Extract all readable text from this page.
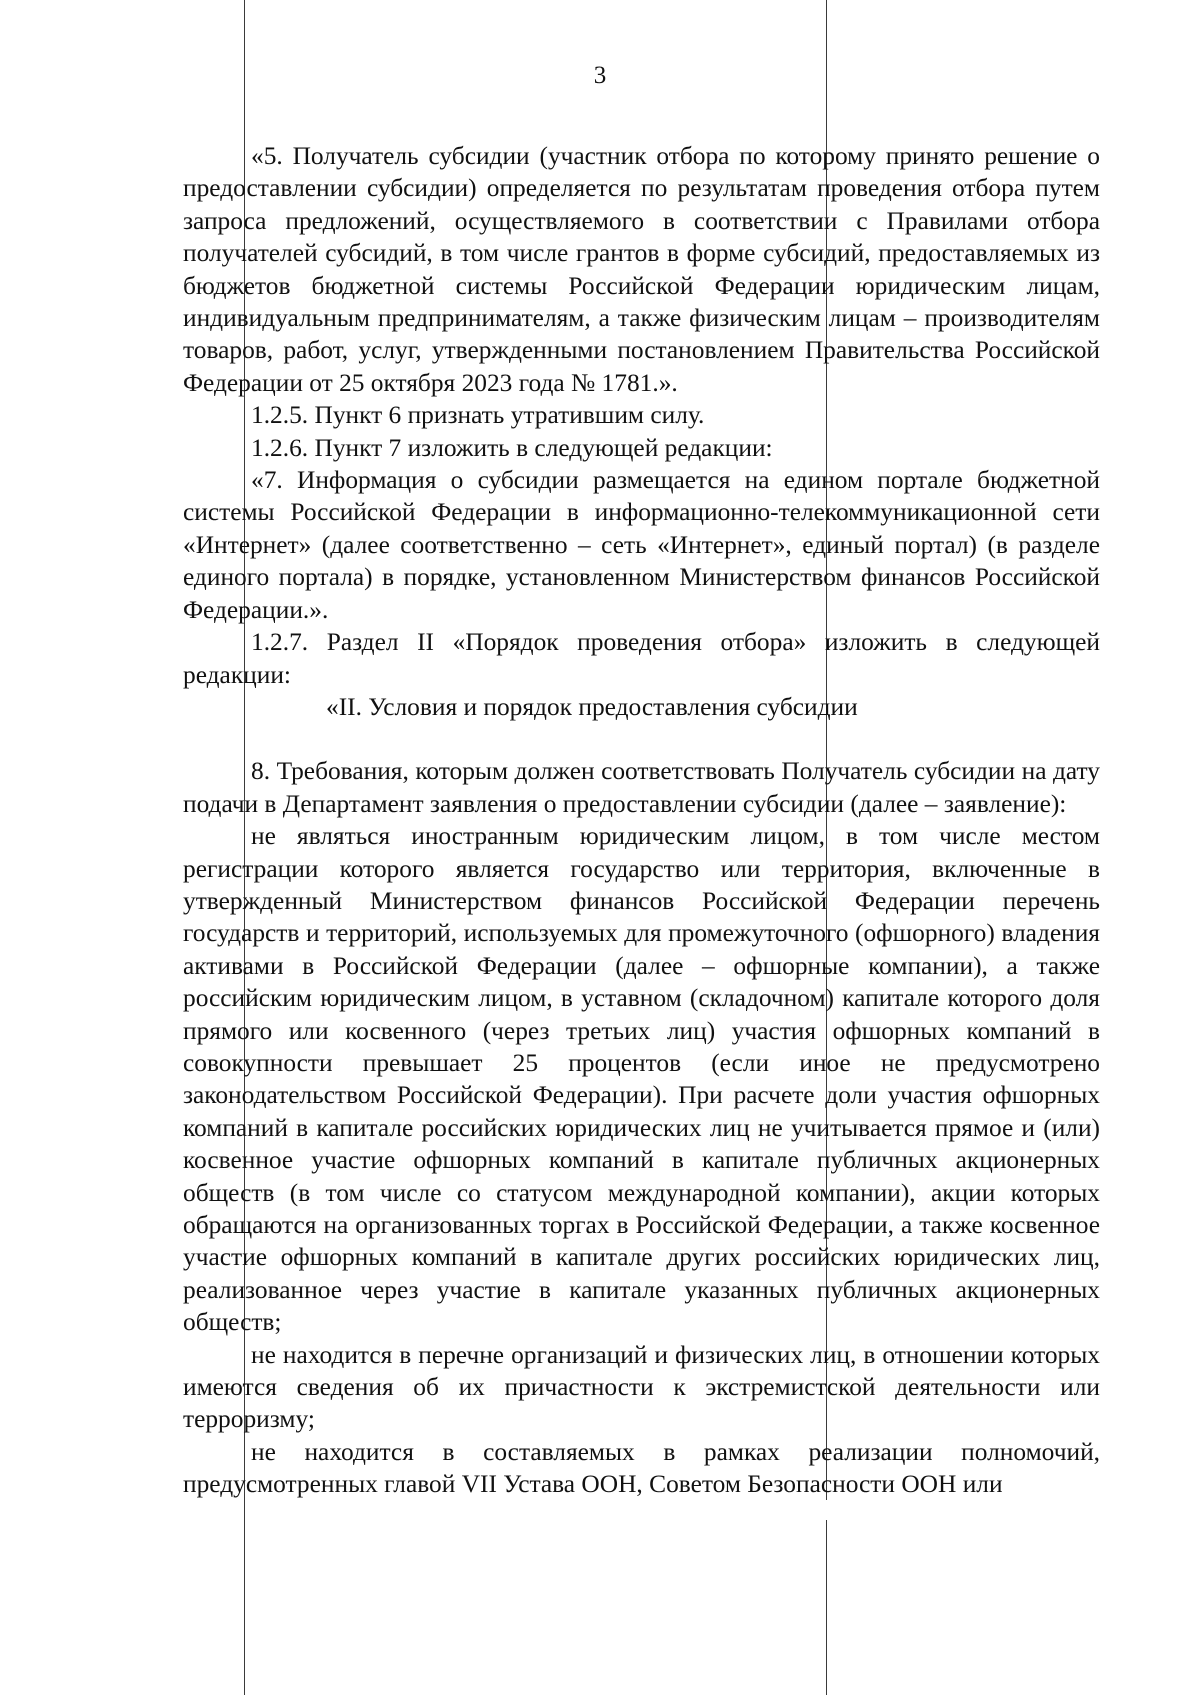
3

«5. Получатель субсидии (участник отбора по которому принято решение о предоставлении субсидии) определяется по результатам проведения отбора путем запроса предложений, осуществляемого в соответствии с Правилами отбора получателей субсидий, в том числе грантов в форме субсидий, предоставляемых из бюджетов бюджетной системы Российской Федерации юридическим лицам, индивидуальным предпринимателям, а также физическим лицам – производителям товаров, работ, услуг, утвержденными постановлением Правительства Российской Федерации от 25 октября 2023 года № 1781.».

1.2.5. Пункт 6 признать утратившим силу.

1.2.6. Пункт 7 изложить в следующей редакции:

«7. Информация о субсидии размещается на едином портале бюджетной системы Российской Федерации в информационно-телекоммуникационной сети «Интернет» (далее соответственно – сеть «Интернет», единый портал) (в разделе единого портала) в порядке, установленном Министерством финансов Российской Федерации.».

1.2.7. Раздел II «Порядок проведения отбора» изложить в следующей редакции:

«II. Условия и порядок предоставления субсидии

8. Требования, которым должен соответствовать Получатель субсидии на дату подачи в Департамент заявления о предоставлении субсидии (далее – заявление):

не являться иностранным юридическим лицом, в том числе местом регистрации которого является государство или территория, включенные в утвержденный Министерством финансов Российской Федерации перечень государств и территорий, используемых для промежуточного (офшорного) владения активами в Российской Федерации (далее – офшорные компании), а также российским юридическим лицом, в уставном (складочном) капитале которого доля прямого или косвенного (через третьих лиц) участия офшорных компаний в совокупности превышает 25 процентов (если иное не предусмотрено законодательством Российской Федерации). При расчете доли участия офшорных компаний в капитале российских юридических лиц не учитывается прямое и (или) косвенное участие офшорных компаний в капитале публичных акционерных обществ (в том числе со статусом международной компании), акции которых обращаются на организованных торгах в Российской Федерации, а также косвенное участие офшорных компаний в капитале других российских юридических лиц, реализованное через участие в капитале указанных публичных акционерных обществ;

не находится в перечне организаций и физических лиц, в отношении которых имеются сведения об их причастности к экстремистской деятельности или терроризму;

не находится в составляемых в рамках реализации полномочий, предусмотренных главой VII Устава ООН, Советом Безопасности ООН или
